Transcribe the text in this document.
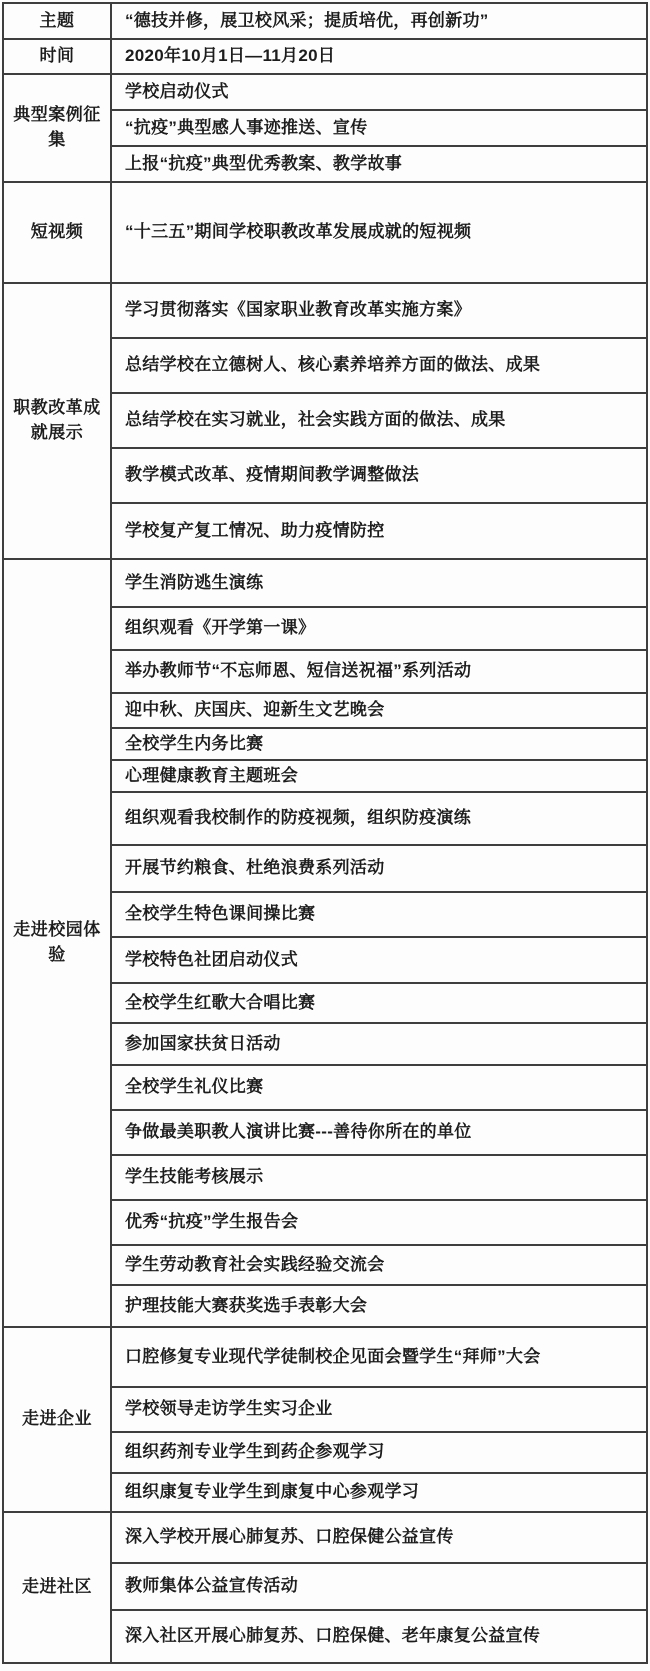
主题	“德技并修，展卫校风采；提质培优，再创新功”
时间	2020年10月1日—11月20日
典型案例征集	学校启动仪式
	“抗疫”典型感人事迹推送、宣传
	上报“抗疫”典型优秀教案、教学故事
短视频	“十三五”期间学校职教改革发展成就的短视频
职教改革成就展示	学习贯彻落实《国家职业教育改革实施方案》
	总结学校在立德树人、核心素养培养方面的做法、成果
	总结学校在实习就业，社会实践方面的做法、成果
	教学模式改革、疫情期间教学调整做法
	学校复产复工情况、助力疫情防控
走进校园体验	学生消防逃生演练
	组织观看《开学第一课》
	举办教师节“不忘师恩、短信送祝福”系列活动
	迎中秋、庆国庆、迎新生文艺晚会
	全校学生内务比赛
	心理健康教育主题班会
	组织观看我校制作的防疫视频，组织防疫演练
	开展节约粮食、杜绝浪费系列活动
	全校学生特色课间操比赛
	学校特色社团启动仪式
	全校学生红歌大合唱比赛
	参加国家扶贫日活动
	全校学生礼仪比赛
	争做最美职教人演讲比赛---善待你所在的单位
	学生技能考核展示
	优秀“抗疫”学生报告会
	学生劳动教育社会实践经验交流会
	护理技能大赛获奖选手表彰大会
走进企业	口腔修复专业现代学徒制校企见面会暨学生“拜师”大会
	学校领导走访学生实习企业
	组织药剂专业学生到药企参观学习
	组织康复专业学生到康复中心参观学习
走进社区	深入学校开展心肺复苏、口腔保健公益宣传
	教师集体公益宣传活动
	深入社区开展心肺复苏、口腔保健、老年康复公益宣传
